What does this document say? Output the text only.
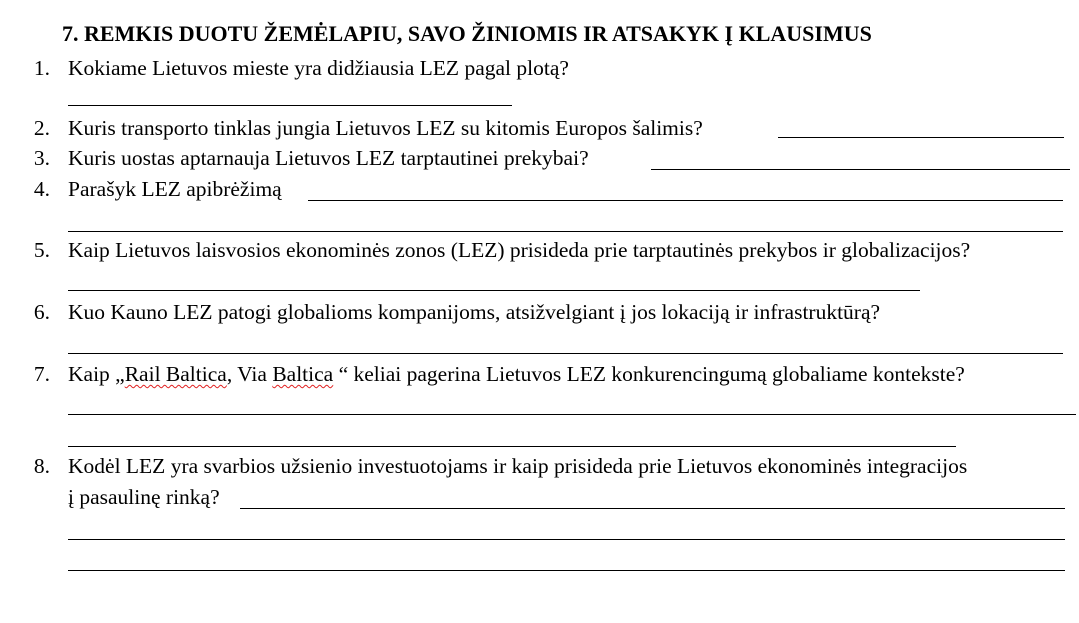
7. REMKIS DUOTU ŽEMĖLAPIU, SAVO ŽINIOMIS IR ATSAKYK Į KLAUSIMUS
1. Kokiame Lietuvos mieste yra didžiausia LEZ pagal plotą?
2. Kuris transporto tinklas jungia Lietuvos LEZ su kitomis Europos šalimis?
3. Kuris uostas aptarnauja Lietuvos LEZ tarptautinei prekybai?
4. Parašyk LEZ apibrėžimą
5. Kaip Lietuvos laisvosios ekonominės zonos (LEZ) prisideda prie tarptautinės prekybos ir globalizacijos?
6. Kuo Kauno LEZ patogi globalioms kompanijoms, atsižvelgiant į jos lokaciją ir infrastruktūrą?
7. Kaip „Rail Baltica, Via Baltica “ keliai pagerina Lietuvos LEZ konkurencingumą globaliame kontekste?
8. Kodėl LEZ yra svarbios užsienio investuotojams ir kaip prisideda prie Lietuvos ekonominės integracijos
į pasaulinę rinką?
